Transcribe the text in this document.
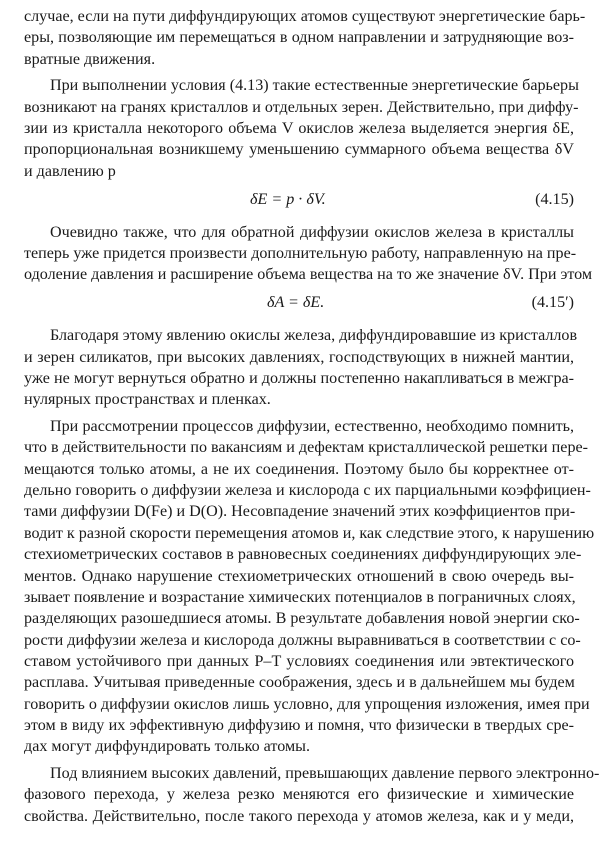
случае, если на пути диффундирующих атомов существуют энергетические барь-
еры, позволяющие им перемещаться в одном направлении и затрудняющие воз-
вратные движения.
При выполнении условия (4.13) такие естественные энергетические барьеры
возникают на гранях кристаллов и отдельных зерен. Действительно, при диффу-
зии из кристалла некоторого объема V окислов железа выделяется энергия δE,
пропорциональная возникшему уменьшению суммарного объема вещества δV
и давлению p
δE = p · δV.	(4.15)
Очевидно также, что для обратной диффузии окислов железа в кристаллы
теперь уже придется произвести дополнительную работу, направленную на пре-
одоление давления и расширение объема вещества на то же значение δV. При этом
δA = δE.	(4.15′)
Благодаря этому явлению окислы железа, диффундировавшие из кристаллов
и зерен силикатов, при высоких давлениях, господствующих в нижней мантии,
уже не могут вернуться обратно и должны постепенно накапливаться в межгра-
нулярных пространствах и пленках.
При рассмотрении процессов диффузии, естественно, необходимо помнить,
что в действительности по вакансиям и дефектам кристаллической решетки пере-
мещаются только атомы, а не их соединения. Поэтому было бы корректнее от-
дельно говорить о диффузии железа и кислорода с их парциальными коэффициен-
тами диффузии D(Fe) и D(O). Несовпадение значений этих коэффициентов при-
водит к разной скорости перемещения атомов и, как следствие этого, к нарушению
стехиометрических составов в равновесных соединениях диффундирующих эле-
ментов. Однако нарушение стехиометрических отношений в свою очередь вы-
зывает появление и возрастание химических потенциалов в пограничных слоях,
разделяющих разошедшиеся атомы. В результате добавления новой энергии ско-
рости диффузии железа и кислорода должны выравниваться в соответствии с со-
ставом устойчивого при данных P–T условиях соединения или эвтектического
расплава. Учитывая приведенные соображения, здесь и в дальнейшем мы будем
говорить о диффузии окислов лишь условно, для упрощения изложения, имея при
этом в виду их эффективную диффузию и помня, что физически в твердых сре-
дах могут диффундировать только атомы.
Под влиянием высоких давлений, превышающих давление первого электронно-
фазового перехода, у железа резко меняются его физические и химические
свойства. Действительно, после такого перехода у атомов железа, как и у меди,
